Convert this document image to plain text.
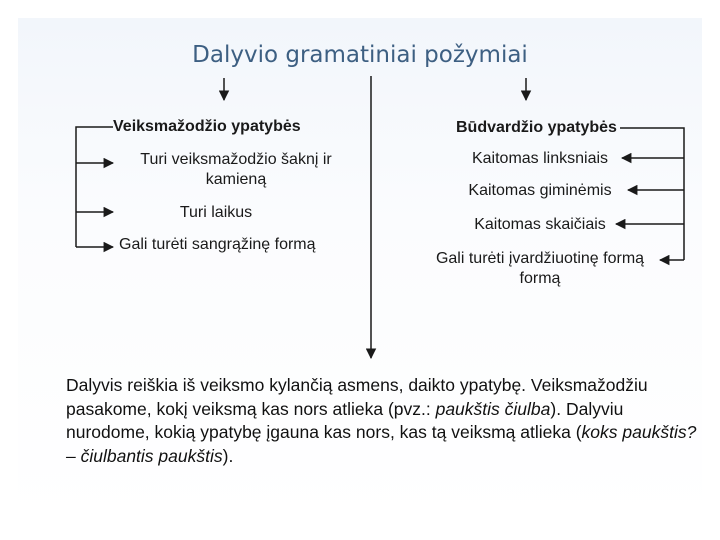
Dalyvio gramatiniai požymiai
Veiksmažodžio ypatybės
Turi veiksmažodžio šaknį ir
kamieną
Turi laikus
Gali turėti sangrąžinę formą
Būdvardžio ypatybės
Kaitomas linksniais
Kaitomas giminėmis
Kaitomas skaičiais
Gali turėti įvardžiuotinę formą
formą
Dalyvis reiškia iš veiksmo kylančią asmens, daikto ypatybę. Veiksmažodžiu pasakome, kokį veiksmą kas nors atlieka (pvz.: paukštis čiulba). Dalyviu nurodome, kokią ypatybę įgauna kas nors, kas tą veiksmą atlieka (koks paukštis? – čiulbantis paukštis).
